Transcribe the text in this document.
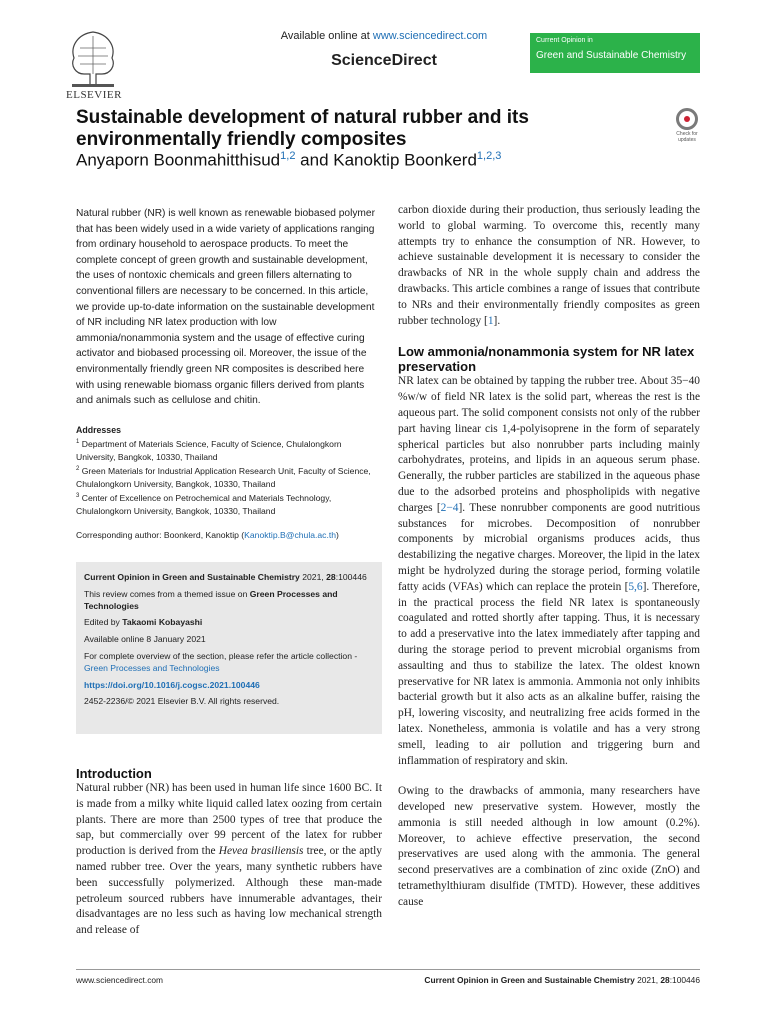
ELSEVIER
Available online at www.sciencedirect.com
ScienceDirect
Current Opinion in
Green and Sustainable Chemistry
Sustainable development of natural rubber and its environmentally friendly composites	Check for updates
Anyaporn Boonmahitthisud$^{1,2}$ and Kanoktip Boonkerd$^{1,2,3}$

Natural rubber (NR) is well known as renewable biobased polymer that has been widely used in a wide variety of applications ranging from ordinary household to aerospace products. To meet the complete concept of green growth and sustainable development, the uses of nontoxic chemicals and green fillers alternating to conventional fillers are necessary to be concerned. In this article, we provide up-to-date information on the sustainable development of NR including NR latex production with low ammonia/nonammonia system and the usage of effective curing activator and biobased processing oil. Moreover, the issue of the environmentally friendly green NR composites is described here with using renewable biomass organic fillers derived from plants and animals such as cellulose and chitin.

Addresses
$^1$ Department of Materials Science, Faculty of Science, Chulalongkorn University, Bangkok, 10330, Thailand
$^2$ Green Materials for Industrial Application Research Unit, Faculty of Science, Chulalongkorn University, Bangkok, 10330, Thailand
$^3$ Center of Excellence on Petrochemical and Materials Technology, Chulalongkorn University, Bangkok, 10330, Thailand
Corresponding author: Boonkerd, Kanoktip (Kanoktip.B@chula.ac.th)

Current Opinion in Green and Sustainable Chemistry 2021, 28:100446

This review comes from a themed issue on Green Processes and Technologies

Edited by Takaomi Kobayashi

Available online 8 January 2021

For complete overview of the section, please refer the article collection - Green Processes and Technologies

https://doi.org/10.1016/j.cogsc.2021.100446

2452-2236/© 2021 Elsevier B.V. All rights reserved.

Introduction

Natural rubber (NR) has been used in human life since 1600 BC. It is made from a milky white liquid called latex oozing from certain plants. There are more than 2500 types of tree that produce the sap, but commercially over 99 percent of the latex for rubber production is derived from the Hevea brasiliensis tree, or the aptly named rubber tree. Over the years, many synthetic rubbers have been successfully polymerized. Although these man-made petroleum sourced rubbers have innumerable advantages, their disadvantages are no less such as having low mechanical strength and release of

carbon dioxide during their production, thus seriously leading the world to global warming. To overcome this, recently many attempts try to enhance the consumption of NR. However, to achieve sustainable development it is necessary to consider the drawbacks of NR in the whole supply chain and address the drawbacks. This article combines a range of issues that contribute to NRs and their environmentally friendly composites as green rubber technology [1].

Low ammonia/nonammonia system for NR latex preservation

NR latex can be obtained by tapping the rubber tree. About 35−40 %w/w of field NR latex is the solid part, whereas the rest is the aqueous part. The solid component consists not only of the rubber part having linear cis 1,4-polyisoprene in the form of separately spherical particles but also nonrubber parts including mainly carbohydrates, proteins, and lipids in an aqueous serum phase. Generally, the rubber particles are stabilized in the aqueous phase due to the adsorbed proteins and phospholipids with negative charges [2−4]. These nonrubber components are good nutritious substances for microbes. Decomposition of nonrubber components by microbial organisms produces acids, thus destabilizing the negative charges. Moreover, the lipid in the latex might be hydrolyzed during the storage period, forming volatile fatty acids (VFAs) which can replace the protein [5,6]. Therefore, in the practical process the field NR latex is spontaneously coagulated and rotted shortly after tapping. Thus, it is necessary to add a preservative into the latex immediately after tapping and during the storage period to prevent microbial organisms from assaulting and thus to stabilize the latex. The oldest known preservative for NR latex is ammonia. Ammonia not only inhibits bacterial growth but it also acts as an alkaline buffer, raising the pH, lowering viscosity, and neutralizing free acids formed in the latex. Nonetheless, ammonia is volatile and has a very strong smell, leading to air pollution and triggering burn and inflammation of respiratory and skin.

Owing to the drawbacks of ammonia, many researchers have developed new preservative system. However, mostly the ammonia is still needed although in low amount (0.2%). Moreover, to achieve effective preservation, the second preservatives are used along with the ammonia. The general second preservatives are a combination of zinc oxide (ZnO) and tetramethylthiuram disulfide (TMTD). However, these additives cause

www.sciencedirect.com	Current Opinion in Green and Sustainable Chemistry 2021, 28:100446
